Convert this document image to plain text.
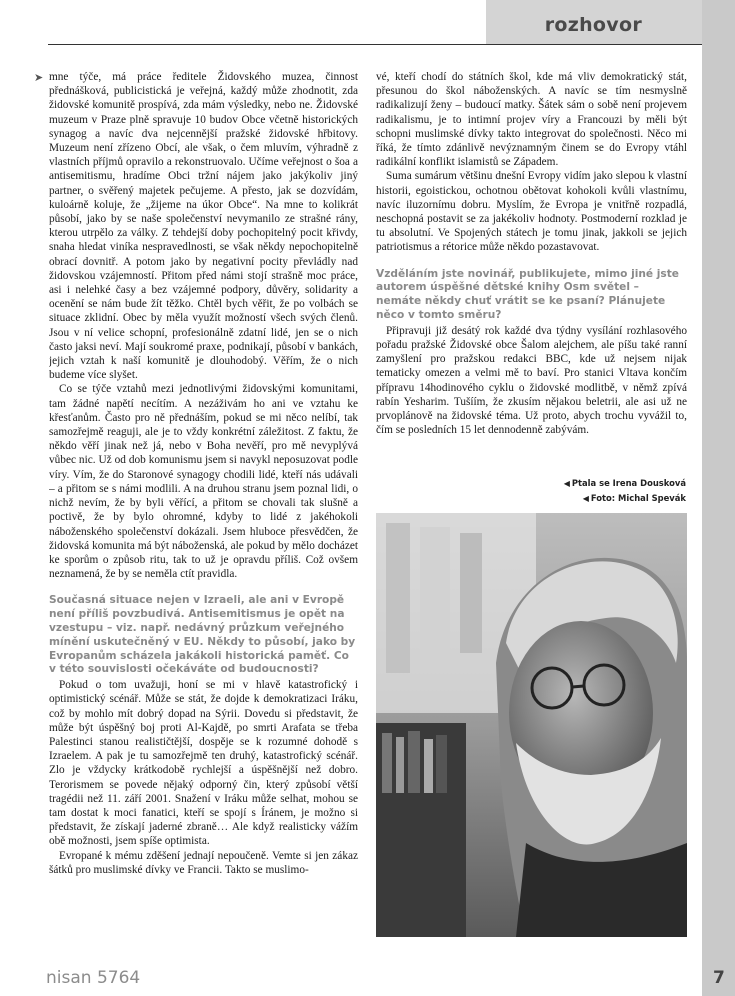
rozhovor
➤ mne týče, má práce ředitele Židovského muzea, činnost přednášková, publicistická je veřejná, každý může zhodnotit, zda židovské komunitě prospívá, zda mám výsledky, nebo ne. Židovské muzeum v Praze plně spravuje 10 budov Obce včetně historických synagog a navíc dva nejcennější pražské židovské hřbitovy. Muzeum není zřízeno Obcí, ale však, o čem mluvím, výhradně z vlastních příjmů opravilo a rekonstruovalo. Učíme veřejnost o šoa a antisemitismu, hradíme Obci tržní nájem jako jakýkoliv jiný partner, o svěřený majetek pečujeme. A přesto, jak se dozvídám, kuloárně koluje, že „žijeme na úkor Obce“. Na mne to kolikrát působí, jako by se naše společenství nevymanilo ze strašné rány, kterou utrpělo za války. Z tehdejší doby pochopitelný pocit křivdy, snaha hledat viníka nespravedlnosti, se však někdy nepochopitelně obrací dovnitř. A potom jako by negativní pocity převládly nad židovskou vzájemností. Přitom před námi stojí strašně moc práce, asi i nelehké časy a bez vzájemné podpory, důvěry, solidarity a ocenění se nám bude žít těžko. Chtěl bych věřit, že po volbách se situace zklidní. Obec by měla využít možností všech svých členů. Jsou v ní velice schopní, profesionálně zdatní lidé, jen se o nich často jaksi neví. Mají soukromé praxe, podnikají, působí v bankách, jejich vztah k naší komunitě je dlouhodobý. Věřím, že o nich budeme více slyšet.

Co se týče vztahů mezi jednotlivými židovskými komunitami, tam žádné napětí necítím. A nezáživám ho ani ve vztahu ke křesťanům. Často pro ně přednáším, pokud se mi něco nelíbí, tak samozřejmě reaguji, ale je to vždy konkrétní záležitost. Z faktu, že někdo věří jinak než já, nebo v Boha nevěří, pro mě nevyplývá vůbec nic. Už od dob komunismu jsem si navykl neposuzovat podle víry. Vím, že do Staronové synagogy chodili lidé, kteří nás udávali – a přitom se s námi modlili. A na druhou stranu jsem poznal lidi, o nichž nevím, že by byli věřící, a přitom se chovali tak slušně a poctivě, že by bylo ohromné, kdyby to lidé z jakéhokoli náboženského společenství dokázali. Jsem hluboce přesvědčen, že židovská komunita má být náboženská, ale pokud by mělo docházet ke sporům o způsob ritu, tak to už je opravdu příliš. Což ovšem neznamená, že by se neměla ctít pravidla.

Současná situace nejen v Izraeli, ale ani v Evropě není příliš povzbudivá. Antisemitismus je opět na vzestupu – viz. např. nedávný průzkum veřejného mínění uskutečněný v EU. Někdy to působí, jako by Evropanům scházela jakákoli historická paměť. Co v této souvislosti očekáváte od budoucnosti?

Pokud o tom uvažuji, honí se mi v hlavě katastrofický i optimistický scénář. Může se stát, že dojde k demokratizaci Iráku, což by mohlo mít dobrý dopad na Sýrii. Dovedu si představit, že může být úspěšný boj proti Al-Kajdě, po smrti Arafata se třeba Palestinci stanou realističtější, dospěje se k rozumné dohodě s Izraelem. A pak je tu samozřejmě ten druhý, katastrofický scénář. Zlo je vždycky krátkodobě rychlejší a úspěšnější než dobro. Terorismem se povede nějaký odporný čin, který způsobí větší tragédii než 11. září 2001. Snažení v Iráku může selhat, mohou se tam dostat k moci fanatici, kteří se spojí s Íránem, je možno si představit, že získají jaderné zbraně… Ale když realisticky vážím obě možnosti, jsem spíše optimista.

Evropané k mému zděšení jednají nepoučeně. Vemte si jen zákaz šátků pro muslimské dívky ve Francii. Takto se muslimo-

vé, kteří chodí do státních škol, kde má vliv demokratický stát, přesunou do škol náboženských. A navíc se tím nesmyslně radikalizují ženy – budoucí matky. Šátek sám o sobě není projevem radikalismu, je to intimní projev víry a Francouzi by měli být schopni muslimské dívky takto integrovat do společnosti. Něco mi říká, že tímto zdánlivě nevýznamným činem se do Evropy vtáhl radikální konflikt islamistů se Západem.

Suma sumárum většinu dnešní Evropy vidím jako slepou k vlastní historii, egoistickou, ochotnou obětovat kohokoli kvůli vlastnímu, navíc iluzornímu dobru. Myslím, že Evropa je vnitřně rozpadlá, neschopná postavit se za jakékoliv hodnoty. Postmoderní rozklad je tu absolutní. Ve Spojených státech je tomu jinak, jakkoli se jejich patriotismus a rétorice může někdo pozastavovat.

Vzděláním jste novinář, publikujete, mimo jiné jste autorem úspěšné dětské knihy Osm světel – nemáte někdy chuť vrátit se ke psaní? Plánujete něco v tomto směru?

Připravuji již desátý rok každé dva týdny vysílání rozhlasového pořadu pražské Židovské obce Šalom alejchem, ale píšu také ranní zamyšlení pro pražskou redakci BBC, kde už nejsem nijak tematicky omezen a velmi mě to baví. Pro stanici Vltava končím přípravu 14hodinového cyklu o židovské modlitbě, v němž zpívá rabín Yesharim. Tušíím, že zkusím nějakou beletrii, ale asi už ne prvoplánově na židovské téma. Už proto, abych trochu vyvážil to, čím se posledních 15 let dennodenně zabývám.

◀ Ptala se Irena Dousková
◀ Foto: Michal Spevák
nisan 5764	7
